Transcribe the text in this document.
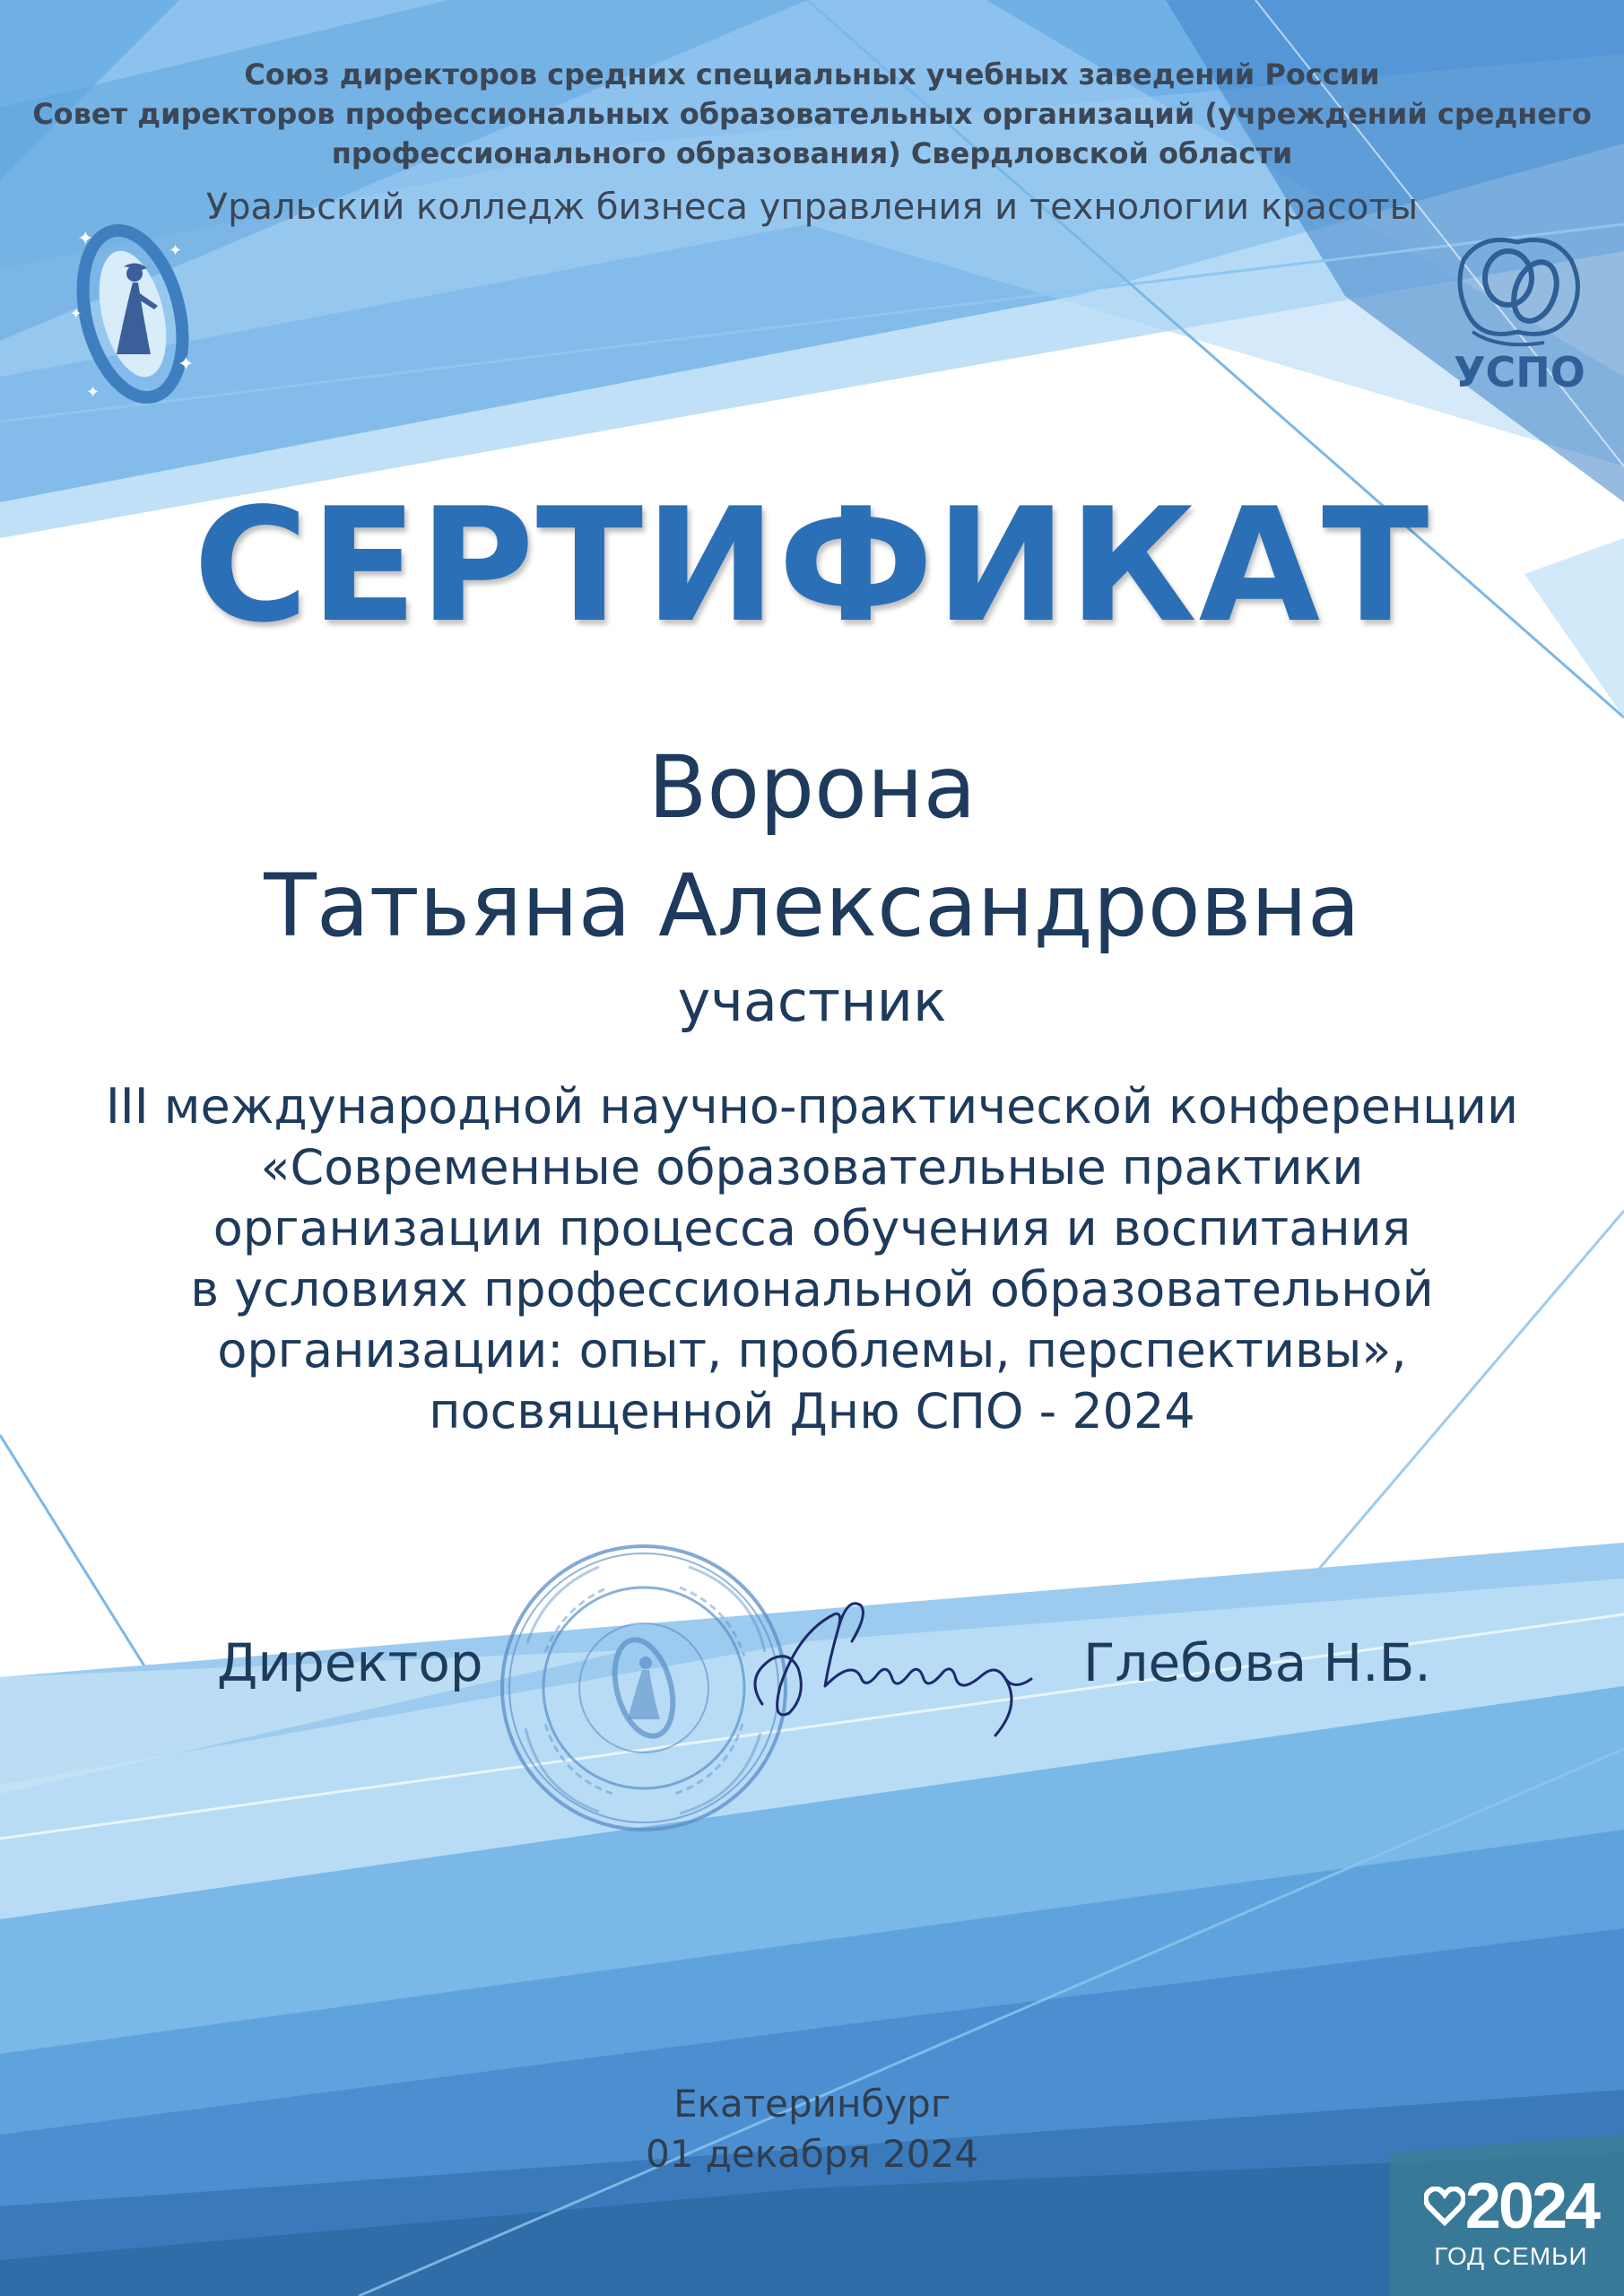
Союз директоров средних специальных учебных заведений России
Совет директоров профессиональных образовательных организаций (учреждений среднего
профессионального образования) Свердловской области
Уральский колледж бизнеса управления и технологии красоты
✦
✦
✦
✦
✦
УСПО
СЕРТИФИКАТ
Ворона
Татьяна Александровна
участник
III международной научно-практической конференции
«Современные образовательные практики
организации процесса обучения и воспитания
в условиях профессиональной образовательной
организации: опыт, проблемы, перспективы»,
посвященной Дню СПО - 2024
Директор	Глебова Н.Б.
Екатеринбург
01 декабря 2024
2024
ГОД СЕМЬИ
